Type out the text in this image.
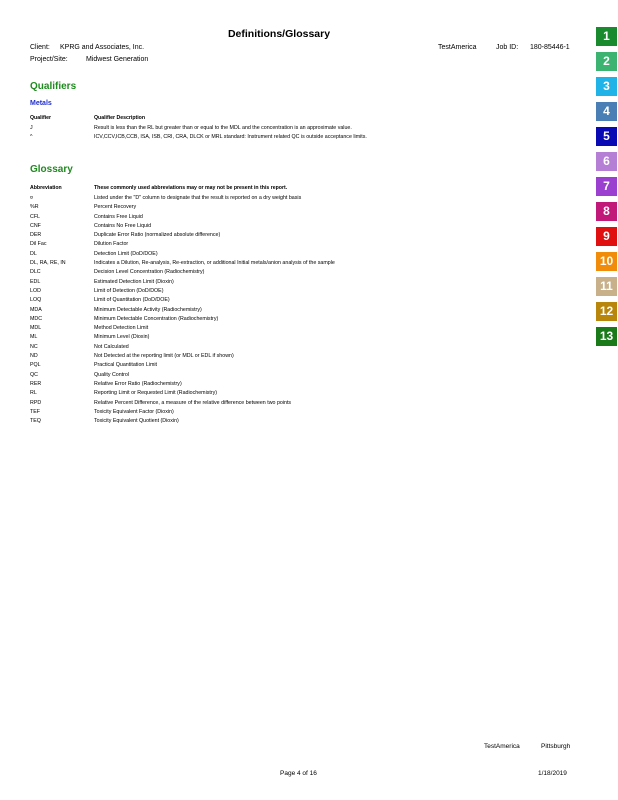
Definitions/Glossary
Client: KPRG and Associates, Inc.	TestAmerica	Job ID: 180-85446-1
Project/Site:	Midwest Generation
Qualifiers
Metals
Qualifier	Qualifier Description
J	Result is less than the RL but greater than or equal to the MDL and the concentration is an approximate value.
^	ICV,CCV,ICB,CCB, ISA, ISB, CRI, CRA, DLCK or MRL standard: Instrument related QC is outside acceptance limits.
Glossary
Abbreviation	These commonly used abbreviations may or may not be present in this report.
¤	Listed under the "D" column to designate that the result is reported on a dry weight basis
%R	Percent Recovery
CFL	Contains Free Liquid
CNF	Contains No Free Liquid
DER	Duplicate Error Ratio (normalized absolute difference)
Dil Fac	Dilution Factor
DL	Detection Limit (DoD/DOE)
DL, RA, RE, IN	Indicates a Dilution, Re-analysis, Re-extraction, or additional Initial metals/anion analysis of the sample
DLC	Decision Level Concentration (Radiochemistry)
EDL	Estimated Detection Limit (Dioxin)
LOD	Limit of Detection (DoD/DOE)
LOQ	Limit of Quantitation (DoD/DOE)
MDA	Minimum Detectable Activity (Radiochemistry)
MDC	Minimum Detectable Concentration (Radiochemistry)
MDL	Method Detection Limit
ML	Minimum Level (Dioxin)
NC	Not Calculated
ND	Not Detected at the reporting limit (or MDL or EDL if shown)
PQL	Practical Quantitation Limit
QC	Quality Control
RER	Relative Error Ratio (Radiochemistry)
RL	Reporting Limit or Requested Limit (Radiochemistry)
RPD	Relative Percent Difference, a measure of the relative difference between two points
TEF	Toxicity Equivalent Factor (Dioxin)
TEQ	Toxicity Equivalent Quotient (Dioxin)
1
2
3
4
5
6
7
8
9
10
11
12
13
TestAmerica	Pittsburgh
Page 4 of 16	1/18/2019
